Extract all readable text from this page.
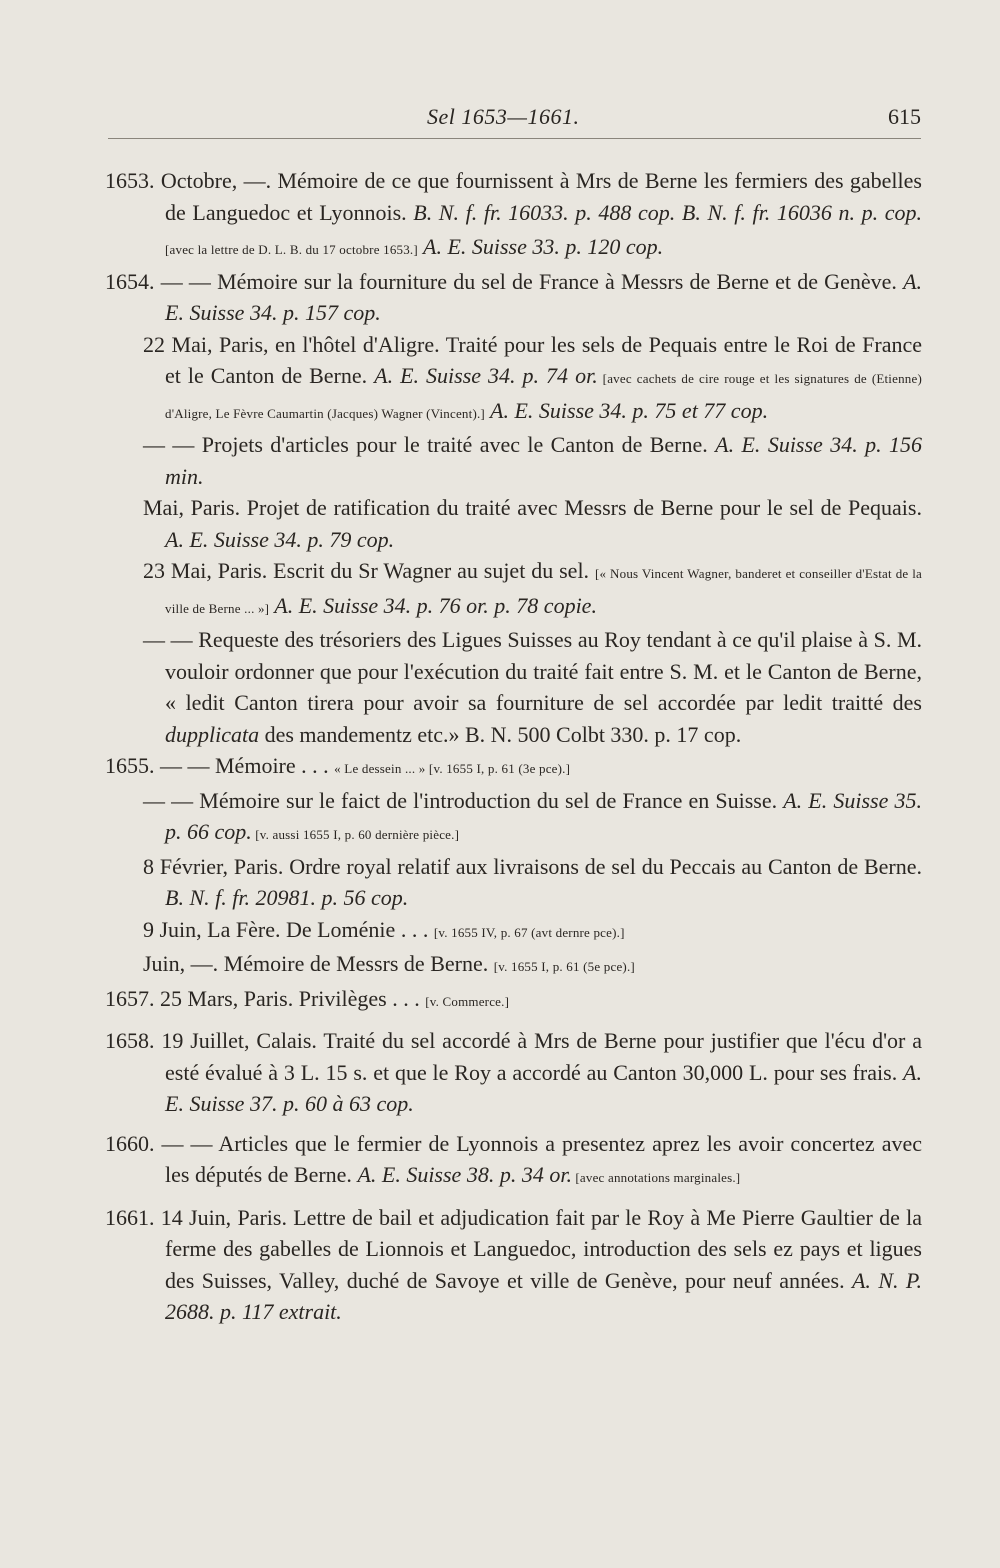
Sel 1653—1661.	615

1653. Octobre, —. Mémoire de ce que fournissent à Mrs de Berne les fermiers des gabelles de Languedoc et Lyonnois. B. N. f. fr. 16033. p. 488 cop. B. N. f. fr. 16036 n. p. cop. [avec la lettre de D. L. B. du 17 octobre 1653.] A. E. Suisse 33. p. 120 cop.

1654. — — Mémoire sur la fourniture du sel de France à Messrs de Berne et de Genève. A. E. Suisse 34. p. 157 cop.

22 Mai, Paris, en l'hôtel d'Aligre. Traité pour les sels de Pequais entre le Roi de France et le Canton de Berne. A. E. Suisse 34. p. 74 or. [avec cachets de cire rouge et les signatures de (Etienne) d'Aligre, Le Fèvre Caumartin (Jacques) Wagner (Vincent).] A. E. Suisse 34. p. 75 et 77 cop.

— — Projets d'articles pour le traité avec le Canton de Berne. A. E. Suisse 34. p. 156 min.

Mai, Paris. Projet de ratification du traité avec Messrs de Berne pour le sel de Pequais. A. E. Suisse 34. p. 79 cop.

23 Mai, Paris. Escrit du Sr Wagner au sujet du sel. [« Nous Vincent Wagner, banderet et conseiller d'Estat de la ville de Berne ... »] A. E. Suisse 34. p. 76 or. p. 78 copie.

— — Requeste des trésoriers des Ligues Suisses au Roy tendant à ce qu'il plaise à S. M. vouloir ordonner que pour l'exécution du traité fait entre S. M. et le Canton de Berne, « ledit Canton tirera pour avoir sa fourniture de sel accordée par ledit traitté des dupplicata des mandementz etc.» B. N. 500 Colbt 330. p. 17 cop.

1655. — — Mémoire . . . « Le dessein ... » [v. 1655 I, p. 61 (3e pce).]

— — Mémoire sur le faict de l'introduction du sel de France en Suisse. A. E. Suisse 35. p. 66 cop. [v. aussi 1655 I, p. 60 dernière pièce.]

8 Février, Paris. Ordre royal relatif aux livraisons de sel du Peccais au Canton de Berne. B. N. f. fr. 20981. p. 56 cop.

9 Juin, La Fère. De Loménie . . . [v. 1655 IV, p. 67 (avt dernre pce).]

Juin, —. Mémoire de Messrs de Berne. [v. 1655 I, p. 61 (5e pce).]

1657. 25 Mars, Paris. Privilèges . . . [v. Commerce.]

1658. 19 Juillet, Calais. Traité du sel accordé à Mrs de Berne pour justifier que l'écu d'or a esté évalué à 3 L. 15 s. et que le Roy a accordé au Canton 30,000 L. pour ses frais. A. E. Suisse 37. p. 60 à 63 cop.

1660. — — Articles que le fermier de Lyonnois a presentez aprez les avoir concertez avec les députés de Berne. A. E. Suisse 38. p. 34 or. [avec annotations marginales.]

1661. 14 Juin, Paris. Lettre de bail et adjudication fait par le Roy à Me Pierre Gaultier de la ferme des gabelles de Lionnois et Languedoc, introduction des sels ez pays et ligues des Suisses, Valley, duché de Savoye et ville de Genève, pour neuf années. A. N. P. 2688. p. 117 extrait.
